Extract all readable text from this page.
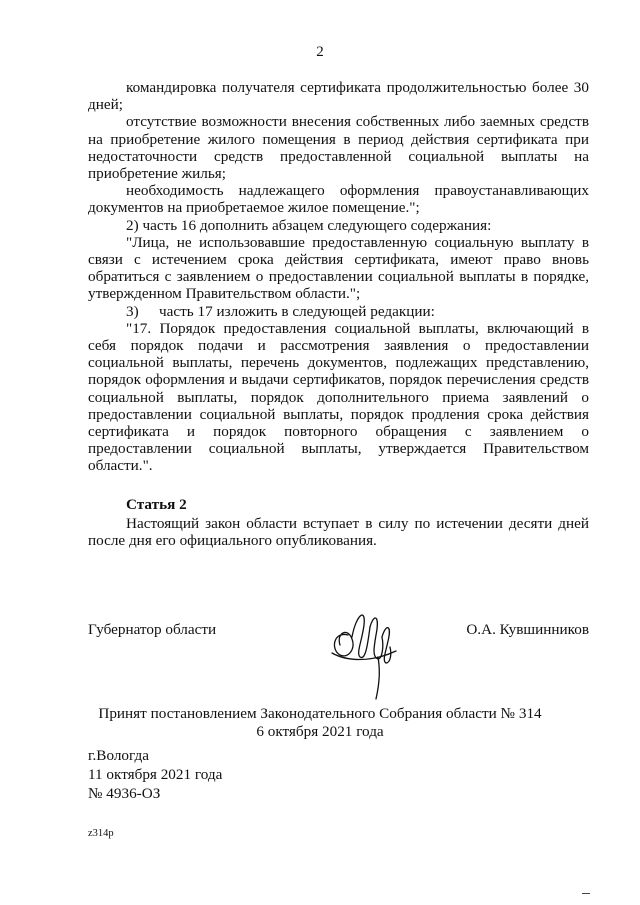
2

командировка получателя сертификата продолжительностью более 30 дней;

отсутствие возможности внесения собственных либо заемных средств на приобретение жилого помещения в период действия сертификата при недостаточности средств предоставленной социальной выплаты на приобретение жилья;

необходимость надлежащего оформления правоустанавливающих документов на приобретаемое жилое помещение.";

2) часть 16 дополнить абзацем следующего содержания:

"Лица, не использовавшие предоставленную социальную выплату в связи с истечением срока действия сертификата, имеют право вновь обратиться с заявлением о предоставлении социальной выплаты в порядке, утвержденном Правительством области.";

3) часть 17 изложить в следующей редакции:

"17. Порядок предоставления социальной выплаты, включающий в себя порядок подачи и рассмотрения заявления о предоставлении социальной выплаты, перечень документов, подлежащих представлению, порядок оформления и выдачи сертификатов, порядок перечисления средств социальной выплаты, порядок дополнительного приема заявлений о предоставлении социальной выплаты, порядок продления срока действия сертификата и порядок повторного обращения с заявлением о предоставлении социальной выплаты, утверждается Правительством области.".

Статья 2

Настоящий закон области вступает в силу по истечении десяти дней после дня его официального опубликования.

Губернатор области	О.А. Кувшинников
Принят постановлением Законодательного Собрания области № 314
6 октября 2021 года
г.Вологда
11 октября 2021 года
№ 4936-ОЗ
z314p
